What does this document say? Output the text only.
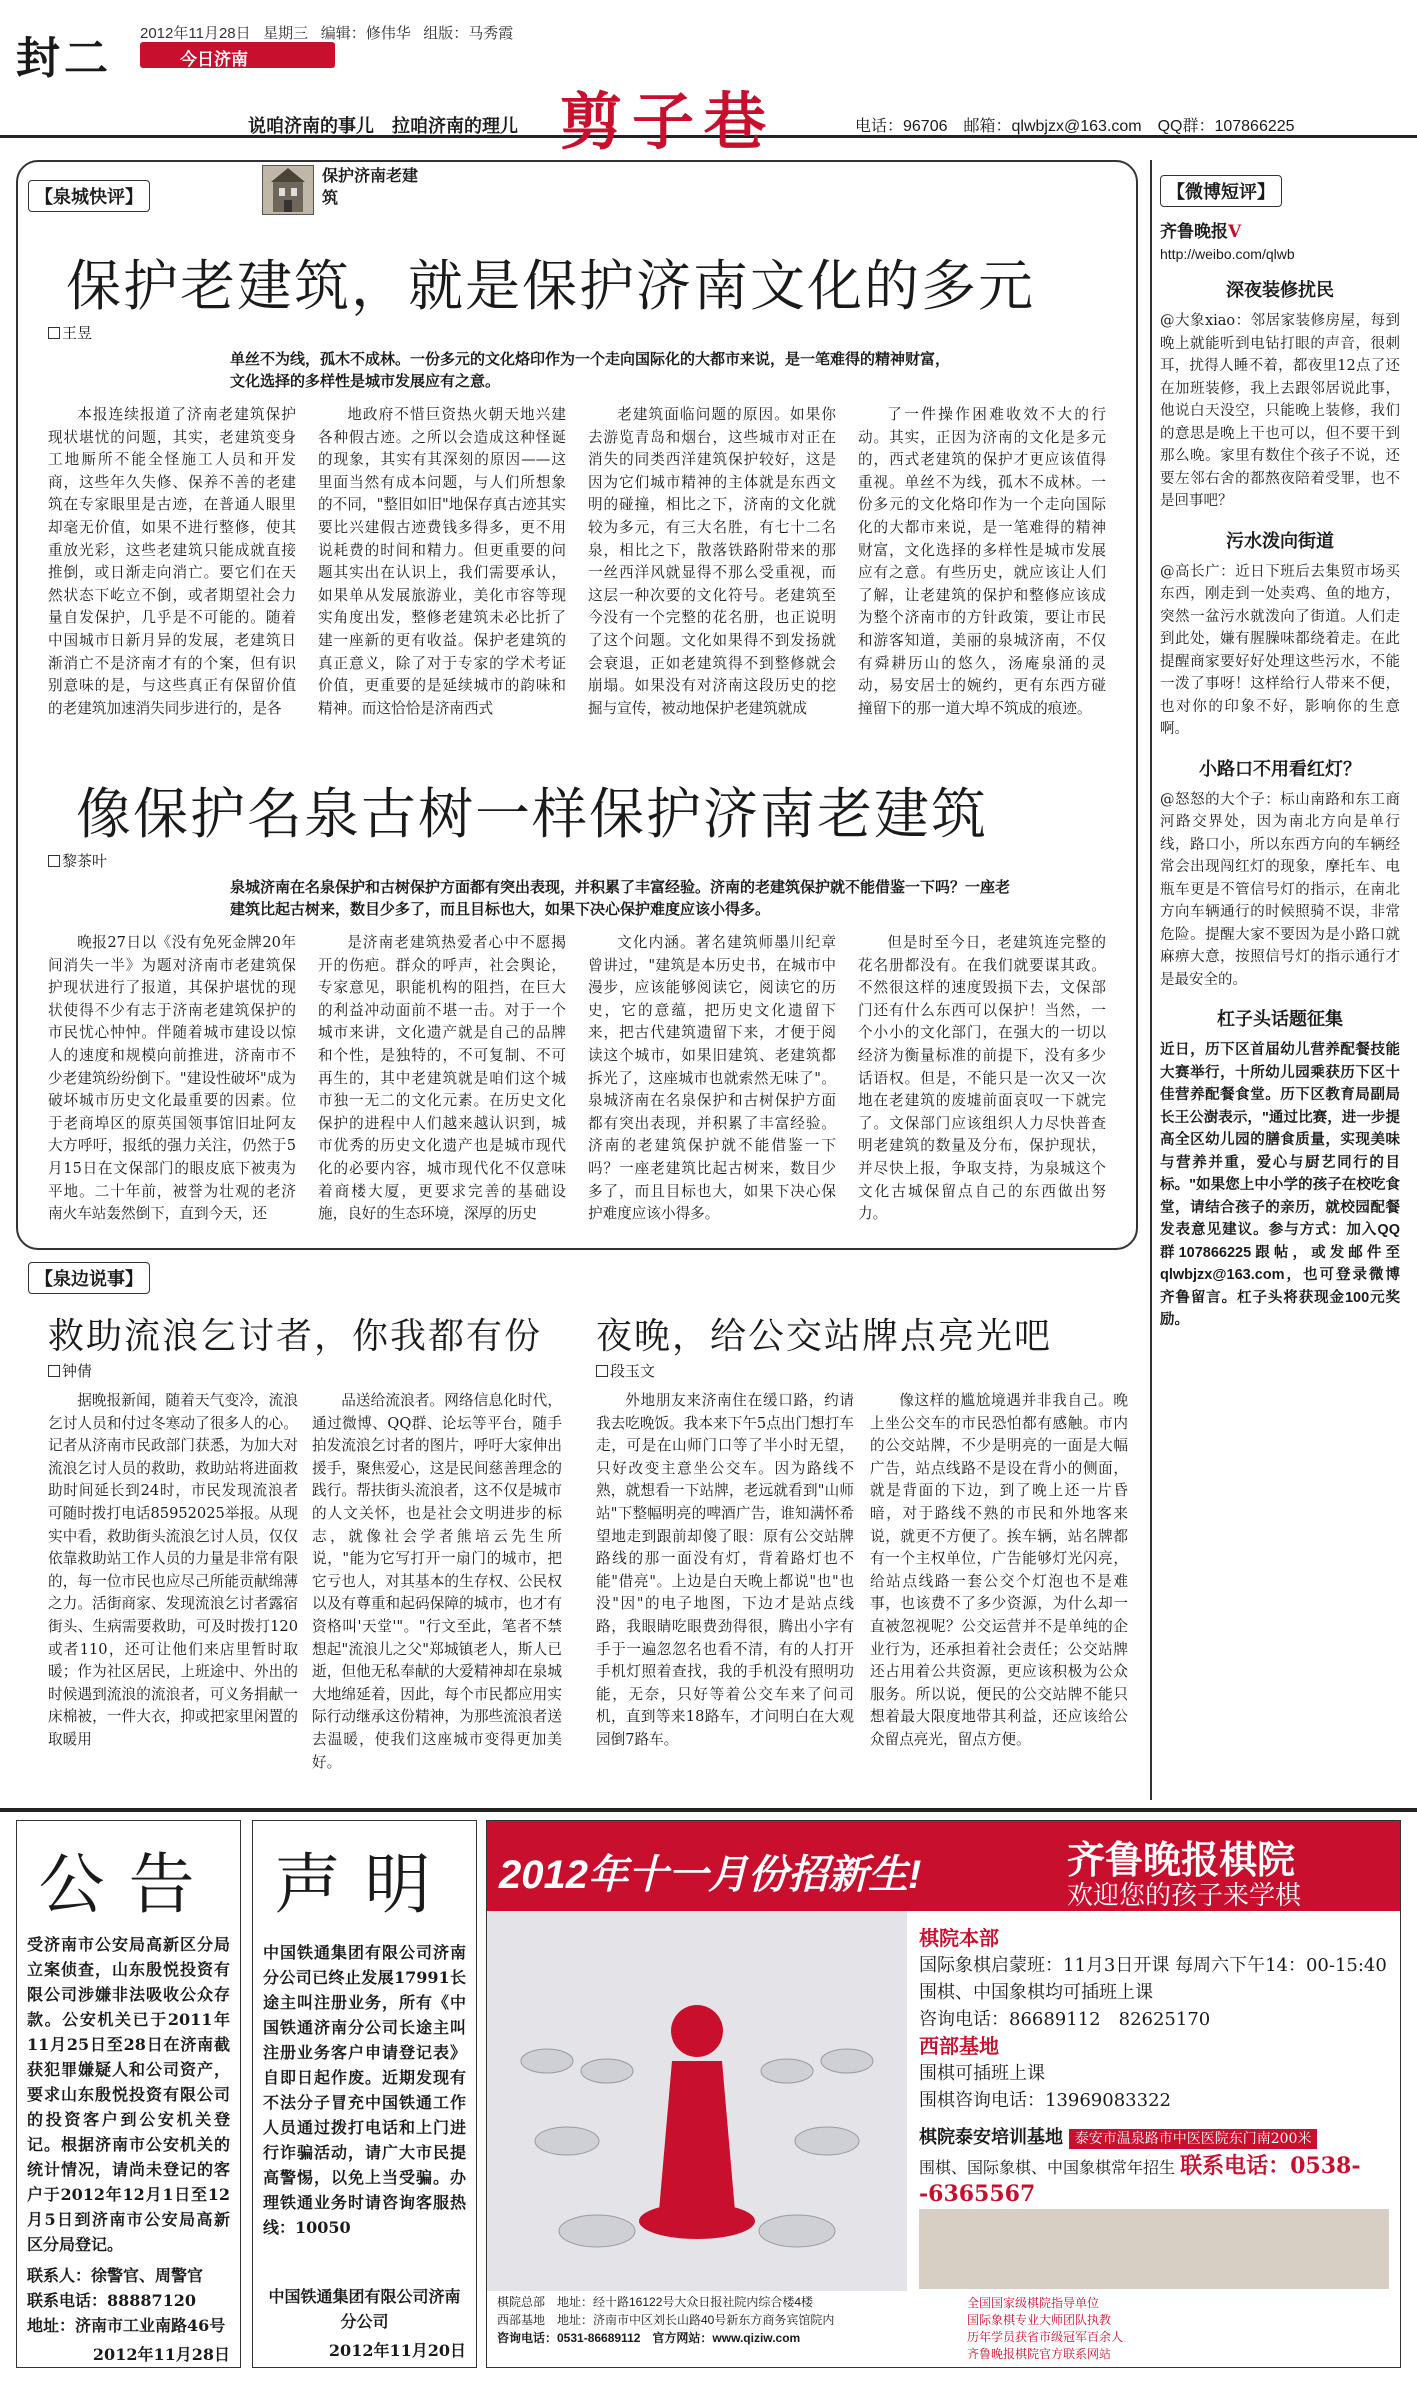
封二 2012年11月28日 星期三 编辑：修伟华 组版：马秀霞
今日济南
说咱济南的事儿　拉咱济南的理儿 剪子巷	电话：96706　邮箱：qlwbjzx@163.com　QQ群：107866225
【泉城快评】
保护济南老建筑
保护老建筑，就是保护济南文化的多元
王昱
单丝不为线，孤木不成林。一份多元的文化烙印作为一个走向国际化的大都市来说，是一笔难得的精神财富，文化选择的多样性是城市发展应有之意。

本报连续报道了济南老建筑保护现状堪忧的问题，其实，老建筑变身工地厮所不能全怪施工人员和开发商，这些年久失修、保养不善的老建筑在专家眼里是古迹，在普通人眼里却毫无价值，如果不进行整修，使其重放光彩，这些老建筑只能成就直接推倒，或日渐走向消亡。要它们在天然状态下屹立不倒，或者期望社会力量自发保护，几乎是不可能的。随着中国城市日新月异的发展，老建筑日渐消亡不是济南才有的个案，但有识别意味的是，与这些真正有保留价值的老建筑加速消失同步进行的，是各

地政府不惜巨资热火朝天地兴建各种假古迹。之所以会造成这种怪诞的现象，其实有其深刻的原因——这里面当然有成本问题，与人们所想象的不同，"整旧如旧"地保存真古迹其实要比兴建假古迹费钱多得多，更不用说耗费的时间和精力。但更重要的问题其实出在认识上，我们需要承认，如果单从发展旅游业，美化市容等现实角度出发，整修老建筑未必比折了建一座新的更有收益。保护老建筑的真正意义，除了对于专家的学术考证价值，更重要的是延续城市的韵味和精神。而这恰恰是济南西式

老建筑面临问题的原因。如果你去游览青岛和烟台，这些城市对正在消失的同类西洋建筑保护较好，这是因为它们城市精神的主体就是东西文明的碰撞，相比之下，济南的文化就较为多元，有三大名胜，有七十二名泉，相比之下，散落铁路附带来的那一丝西洋风就显得不那么受重视，而这层一种次要的文化符号。老建筑至今没有一个完整的花名册，也正说明了这个问题。文化如果得不到发扬就会衰退，正如老建筑得不到整修就会崩塌。如果没有对济南这段历史的挖掘与宣传，被动地保护老建筑就成

了一件操作困难收效不大的行动。其实，正因为济南的文化是多元的，西式老建筑的保护才更应该值得重视。单丝不为线，孤木不成林。一份多元的文化烙印作为一个走向国际化的大都市来说，是一笔难得的精神财富，文化选择的多样性是城市发展应有之意。有些历史，就应该让人们了解，让老建筑的保护和整修应该成为整个济南市的方针政策，要让市民和游客知道，美丽的泉城济南，不仅有舜耕历山的悠久，汤庵泉涌的灵动，易安居士的婉约，更有东西方碰撞留下的那一道大埠不筑成的痕迹。

像保护名泉古树一样保护济南老建筑
黎茶叶
泉城济南在名泉保护和古树保护方面都有突出表现，并积累了丰富经验。济南的老建筑保护就不能借鉴一下吗？一座老建筑比起古树来，数目少多了，而且目标也大，如果下决心保护难度应该小得多。

晚报27日以《没有免死金牌20年间消失一半》为题对济南市老建筑保护现状进行了报道，其保护堪忧的现状使得不少有志于济南老建筑保护的市民忧心忡忡。伴随着城市建设以惊人的速度和规模向前推进，济南市不少老建筑纷纷倒下。"建设性破坏"成为破坏城市历史文化最重要的因素。位于老商埠区的原英国领事馆旧址阿友大方呼吁，报纸的强力关注，仍然于5月15日在文保部门的眼皮底下被夷为平地。二十年前，被誉为壮观的老济南火车站轰然倒下，直到今天，还

是济南老建筑热爱者心中不愿揭开的伤疤。群众的呼声，社会舆论，专家意见，职能机构的阻挡，在巨大的利益冲动面前不堪一击。对于一个城市来讲，文化遗产就是自己的品牌和个性，是独特的，不可复制、不可再生的，其中老建筑就是咱们这个城市独一无二的文化元素。在历史文化保护的进程中人们越来越认识到，城市优秀的历史文化遗产也是城市现代化的必要内容，城市现代化不仅意味着商楼大厦，更要求完善的基础设施，良好的生态环境，深厚的历史

文化内涵。著名建筑师墨川纪章曾讲过，"建筑是本历史书，在城市中漫步，应该能够阅读它，阅读它的历史，它的意蕴，把历史文化遗留下来，把古代建筑遗留下来，才便于阅读这个城市，如果旧建筑、老建筑都拆光了，这座城市也就索然无味了"。泉城济南在名泉保护和古树保护方面都有突出表现，并积累了丰富经验。济南的老建筑保护就不能借鉴一下吗？一座老建筑比起古树来，数目少多了，而且目标也大，如果下决心保护难度应该小得多。

但是时至今日，老建筑连完整的花名册都没有。在我们就要谋其政。不然很这样的速度毁损下去，文保部门还有什么东西可以保护！当然，一个小小的文化部门，在强大的一切以经济为衡量标准的前提下，没有多少话语权。但是，不能只是一次又一次地在老建筑的废墟前面哀叹一下就完了。文保部门应该组织人力尽快普查明老建筑的数量及分布，保护现状，并尽快上报，争取支持，为泉城这个文化古城保留点自己的东西做出努力。

【泉边说事】
救助流浪乞讨者，你我都有份
钟倩

据晚报新闻，随着天气变冷，流浪乞讨人员和付过冬寒动了很多人的心。记者从济南市民政部门获悉，为加大对流浪乞讨人员的救助，救助站将进面救助时间延长到24时，市民发现流浪者可随时拨打电话85952025举报。从现实中看，救助街头流浪乞讨人员，仅仅依靠救助站工作人员的力量是非常有限的，每一位市民也应尽己所能贡献绵薄之力。活街商家、发现流浪乞讨者露宿街头、生病需要救助，可及时拨打120或者110，还可让他们来店里暂时取暖；作为社区居民，上班途中、外出的时候遇到流浪的流浪者，可义务捐献一床棉被，一件大衣，抑或把家里闲置的取暖用

品送给流浪者。网络信息化时代，通过微博、QQ群、论坛等平台，随手拍发流浪乞讨者的图片，呼吁大家伸出援手，聚焦爱心，这是民间慈善理念的践行。帮扶街头流浪者，这不仅是城市的人文关怀，也是社会文明进步的标志，就像社会学者熊培云先生所说，"能为它写打开一扇门的城市，把它亏也人，对其基本的生存权、公民权以及有尊重和起码保障的城市，也才有资格叫'天堂'"。"行文至此，笔者不禁想起"流浪儿之父"郑城镇老人，斯人已逝，但他无私奉献的大爱精神却在泉城大地绵延着，因此，每个市民都应用实际行动继承这份精神，为那些流浪者送去温暖，使我们这座城市变得更加美好。

夜晚，给公交站牌点亮光吧
段玉文

外地朋友来济南住在缓口路，约请我去吃晚饭。我本来下午5点出门想打车走，可是在山师门口等了半小时无望，只好改变主意坐公交车。因为路线不熟，就想看一下站牌，老远就看到"山师站"下整幅明亮的啤酒广告，谁知满怀希望地走到跟前却傻了眼：原有公交站牌路线的那一面没有灯，背着路灯也不能"借亮"。上边是白天晚上都说"也"也没"因"的电子地图，下边才是站点线路，我眼睛吃眼费劲得很，腾出小字有手于一遍忽忽名也看不清，有的人打开手机灯照着查找，我的手机没有照明功能，无奈，只好等着公交车来了问司机，直到等来18路车，才问明白在大观园倒7路车。

像这样的尴尬境遇并非我自己。晚上坐公交车的市民恐怕都有感触。市内的公交站牌，不少是明亮的一面是大幅广告，站点线路不是设在背小的侧面，就是背面的下边，到了晚上还一片昏暗，对于路线不熟的市民和外地客来说，就更不方便了。挨车辆，站名牌都有一个主权单位，广告能够灯光闪亮，给站点线路一套公交个灯泡也不是难事，也该费不了多少资源，为什么却一直被忽视呢？公交运营并不是单纯的企业行为，还承担着社会责任；公交站牌还占用着公共资源，更应该积极为公众服务。所以说，便民的公交站牌不能只想着最大限度地带其利益，还应该给公众留点亮光，留点方便。

【微博短评】
齐鲁晚报V
http://weibo.com/qlwb
深夜装修扰民
@大象xiao：邻居家装修房屋，每到晚上就能听到电钻打眼的声音，很刺耳，扰得人睡不着，都夜里12点了还在加班装修，我上去跟邻居说此事，他说白天没空，只能晚上装修，我们的意思是晚上干也可以，但不要干到那么晚。家里有数住个孩子不说，还要左邻右舍的都熬夜陪着受罪，也不是回事吧？
污水泼向街道
@高长广：近日下班后去集贸市场买东西，刚走到一处卖鸡、鱼的地方，突然一盆污水就泼向了街道。人们走到此处，嫌有腥臊味都绕着走。在此提醒商家要好好处理这些污水，不能一泼了事呀！这样给行人带来不便，也对你的印象不好，影响你的生意啊。
小路口不用看红灯？
@怒怒的大个子：标山南路和东工商河路交界处，因为南北方向是单行线，路口小，所以东西方向的车辆经常会出现闯红灯的现象，摩托车、电瓶车更是不管信号灯的指示，在南北方向车辆通行的时候照骑不误，非常危险。提醒大家不要因为是小路口就麻痹大意，按照信号灯的指示通行才是最安全的。
杠子头话题征集
近日，历下区首届幼儿营养配餐技能大赛举行，十所幼儿园乘获历下区十佳营养配餐食堂。历下区教育局副局长王公澍表示，"通过比赛，进一步提高全区幼儿园的膳食质量，实现美味与营养并重，爱心与厨艺同行的目标。"如果您上中小学的孩子在校吃食堂，请结合孩子的亲历，就校园配餐发表意见建议。参与方式：加入QQ群107866225跟帖，或发邮件至qlwbjzx@163.com，也可登录微博齐鲁留言。杠子头将获现金100元奖励。
公告
受济南市公安局高新区分局立案侦查，山东殷悦投资有限公司涉嫌非法吸收公众存款。公安机关已于2011年11月25日至28日在济南截获犯罪嫌疑人和公司资产，要求山东殷悦投资有限公司的投资客户到公安机关登记。根据济南市公安机关的统计情况，请尚未登记的客户于2012年12月1日至12月5日到济南市公安局高新区分局登记。
联系人：徐警官、周警官
联系电话：88887120
地址：济南市工业南路46号
2012年11月28日
声明
中国铁通集团有限公司济南分公司已终止发展17991长途主叫注册业务，所有《中国铁通济南分公司长途主叫注册业务客户申请登记表》自即日起作废。近期发现有不法分子冒充中国铁通工作人员通过拨打电话和上门进行诈骗活动，请广大市民提高警惕，以免上当受骗。办理铁通业务时请咨询客服热线：10050
中国铁通集团有限公司济南分公司
2012年11月20日
2012年十一月份招新生!	齐鲁晚报棋院
欢迎您的孩子来学棋
棋院本部
国际象棋启蒙班：11月3日开课 每周六下午14：00-15:40
围棋、中国象棋均可插班上课
咨询电话：86689112　82625170
西部基地
围棋可插班上课
围棋咨询电话：13969083322
棋院泰安培训基地 泰安市温泉路市中医医院东门南200米
围棋、国际象棋、中国象棋常年招生 联系电话：0538--6365567
棋院总部　地址：经十路16122号大众日报社院内综合楼4楼
西部基地　地址：济南市中区刘长山路40号新东方商务宾馆院内
咨询电话：0531-86689112　官方网站：www.qiziw.com
全国国家级棋院指导单位
国际象棋专业大师团队执教
历年学员获省市级冠军百余人
齐鲁晚报棋院官方联系网站
